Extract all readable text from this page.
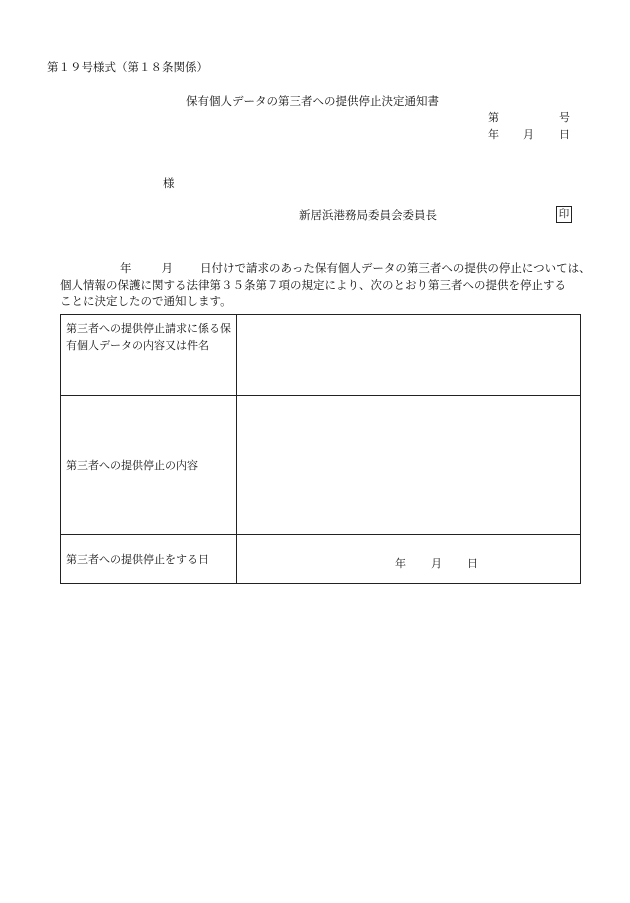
第１９号様式（第１８条関係）
保有個人データの第三者への提供停止決定通知書
第	号
年 月 日
様
新居浜港務局委員会委員長	印

年	月 日付けで請求のあった保有個人データの第三者への提供の停止については、

個人情報の保護に関する法律第３５条第７項の規定により、次のとおり第三者への提供を停止する

ことに決定したので通知します。

第三者への提供停止請求に係る保有個人データの内容又は件名	
第三者への提供停止の内容	
第三者への提供停止をする日	年 月 日
